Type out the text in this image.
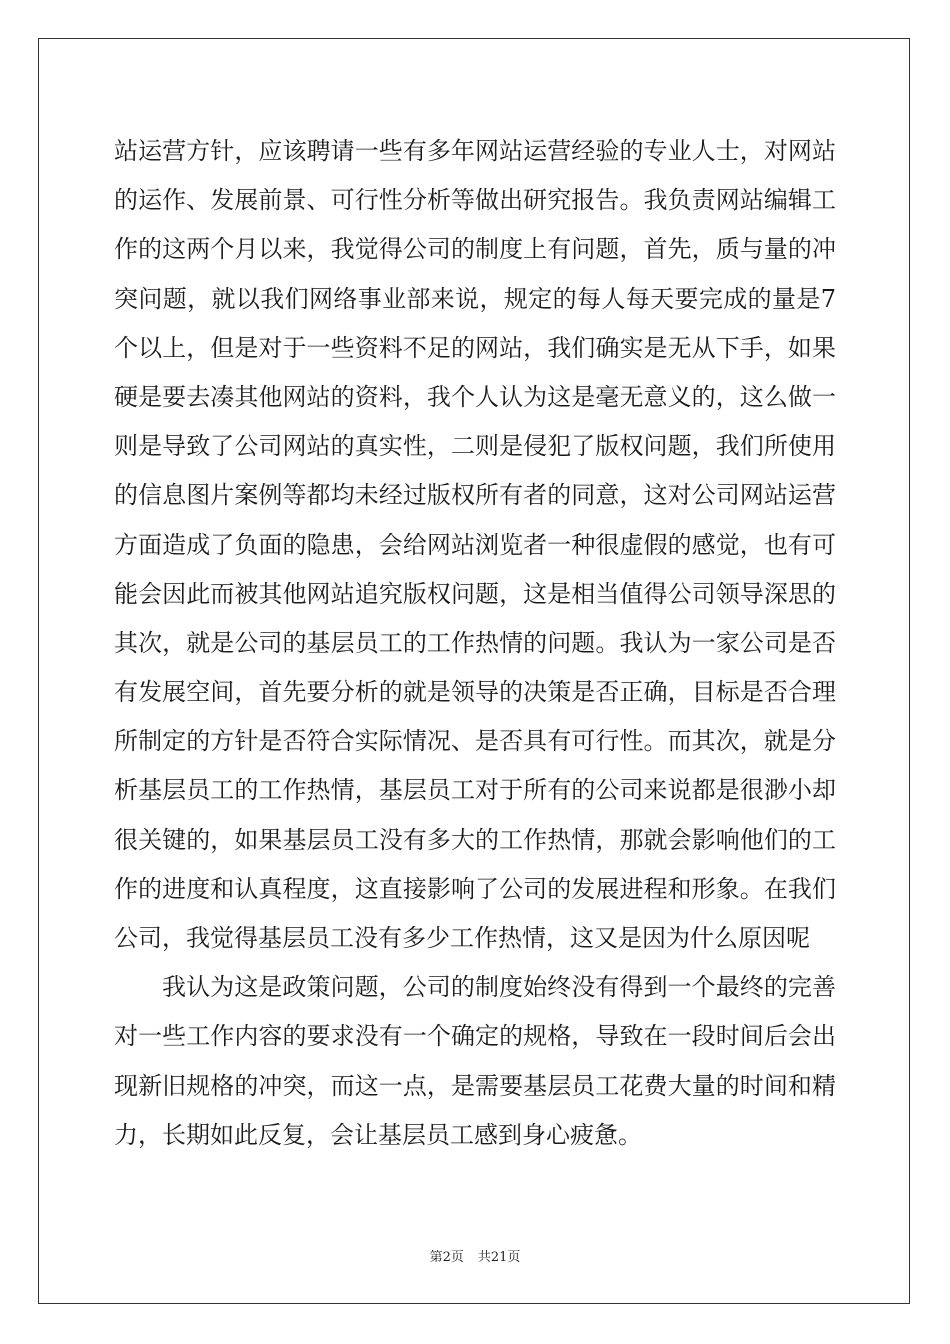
站运营方针，应该聘请一些有多年网站运营经验的专业人士，对网站
的运作、发展前景、可行性分析等做出研究报告。我负责网站编辑工
作的这两个月以来，我觉得公司的制度上有问题，首先，质与量的冲
突问题，就以我们网络事业部来说，规定的每人每天要完成的量是7
个以上，但是对于一些资料不足的网站，我们确实是无从下手，如果
硬是要去凑其他网站的资料，我个人认为这是毫无意义的，这么做一
则是导致了公司网站的真实性，二则是侵犯了版权问题，我们所使用
的信息图片案例等都均未经过版权所有者的同意，这对公司网站运营
方面造成了负面的隐患，会给网站浏览者一种很虚假的感觉，也有可
能会因此而被其他网站追究版权问题，这是相当值得公司领导深思的
其次，就是公司的基层员工的工作热情的问题。我认为一家公司是否
有发展空间，首先要分析的就是领导的决策是否正确，目标是否合理
所制定的方针是否符合实际情况、是否具有可行性。而其次，就是分
析基层员工的工作热情，基层员工对于所有的公司来说都是很渺小却
很关键的，如果基层员工没有多大的工作热情，那就会影响他们的工
作的进度和认真程度，这直接影响了公司的发展进程和形象。在我们
公司，我觉得基层员工没有多少工作热情，这又是因为什么原因呢
我认为这是政策问题，公司的制度始终没有得到一个最终的完善
对一些工作内容的要求没有一个确定的规格，导致在一段时间后会出
现新旧规格的冲突，而这一点，是需要基层员工花费大量的时间和精
力，长期如此反复，会让基层员工感到身心疲惫。
第2页 共21页
